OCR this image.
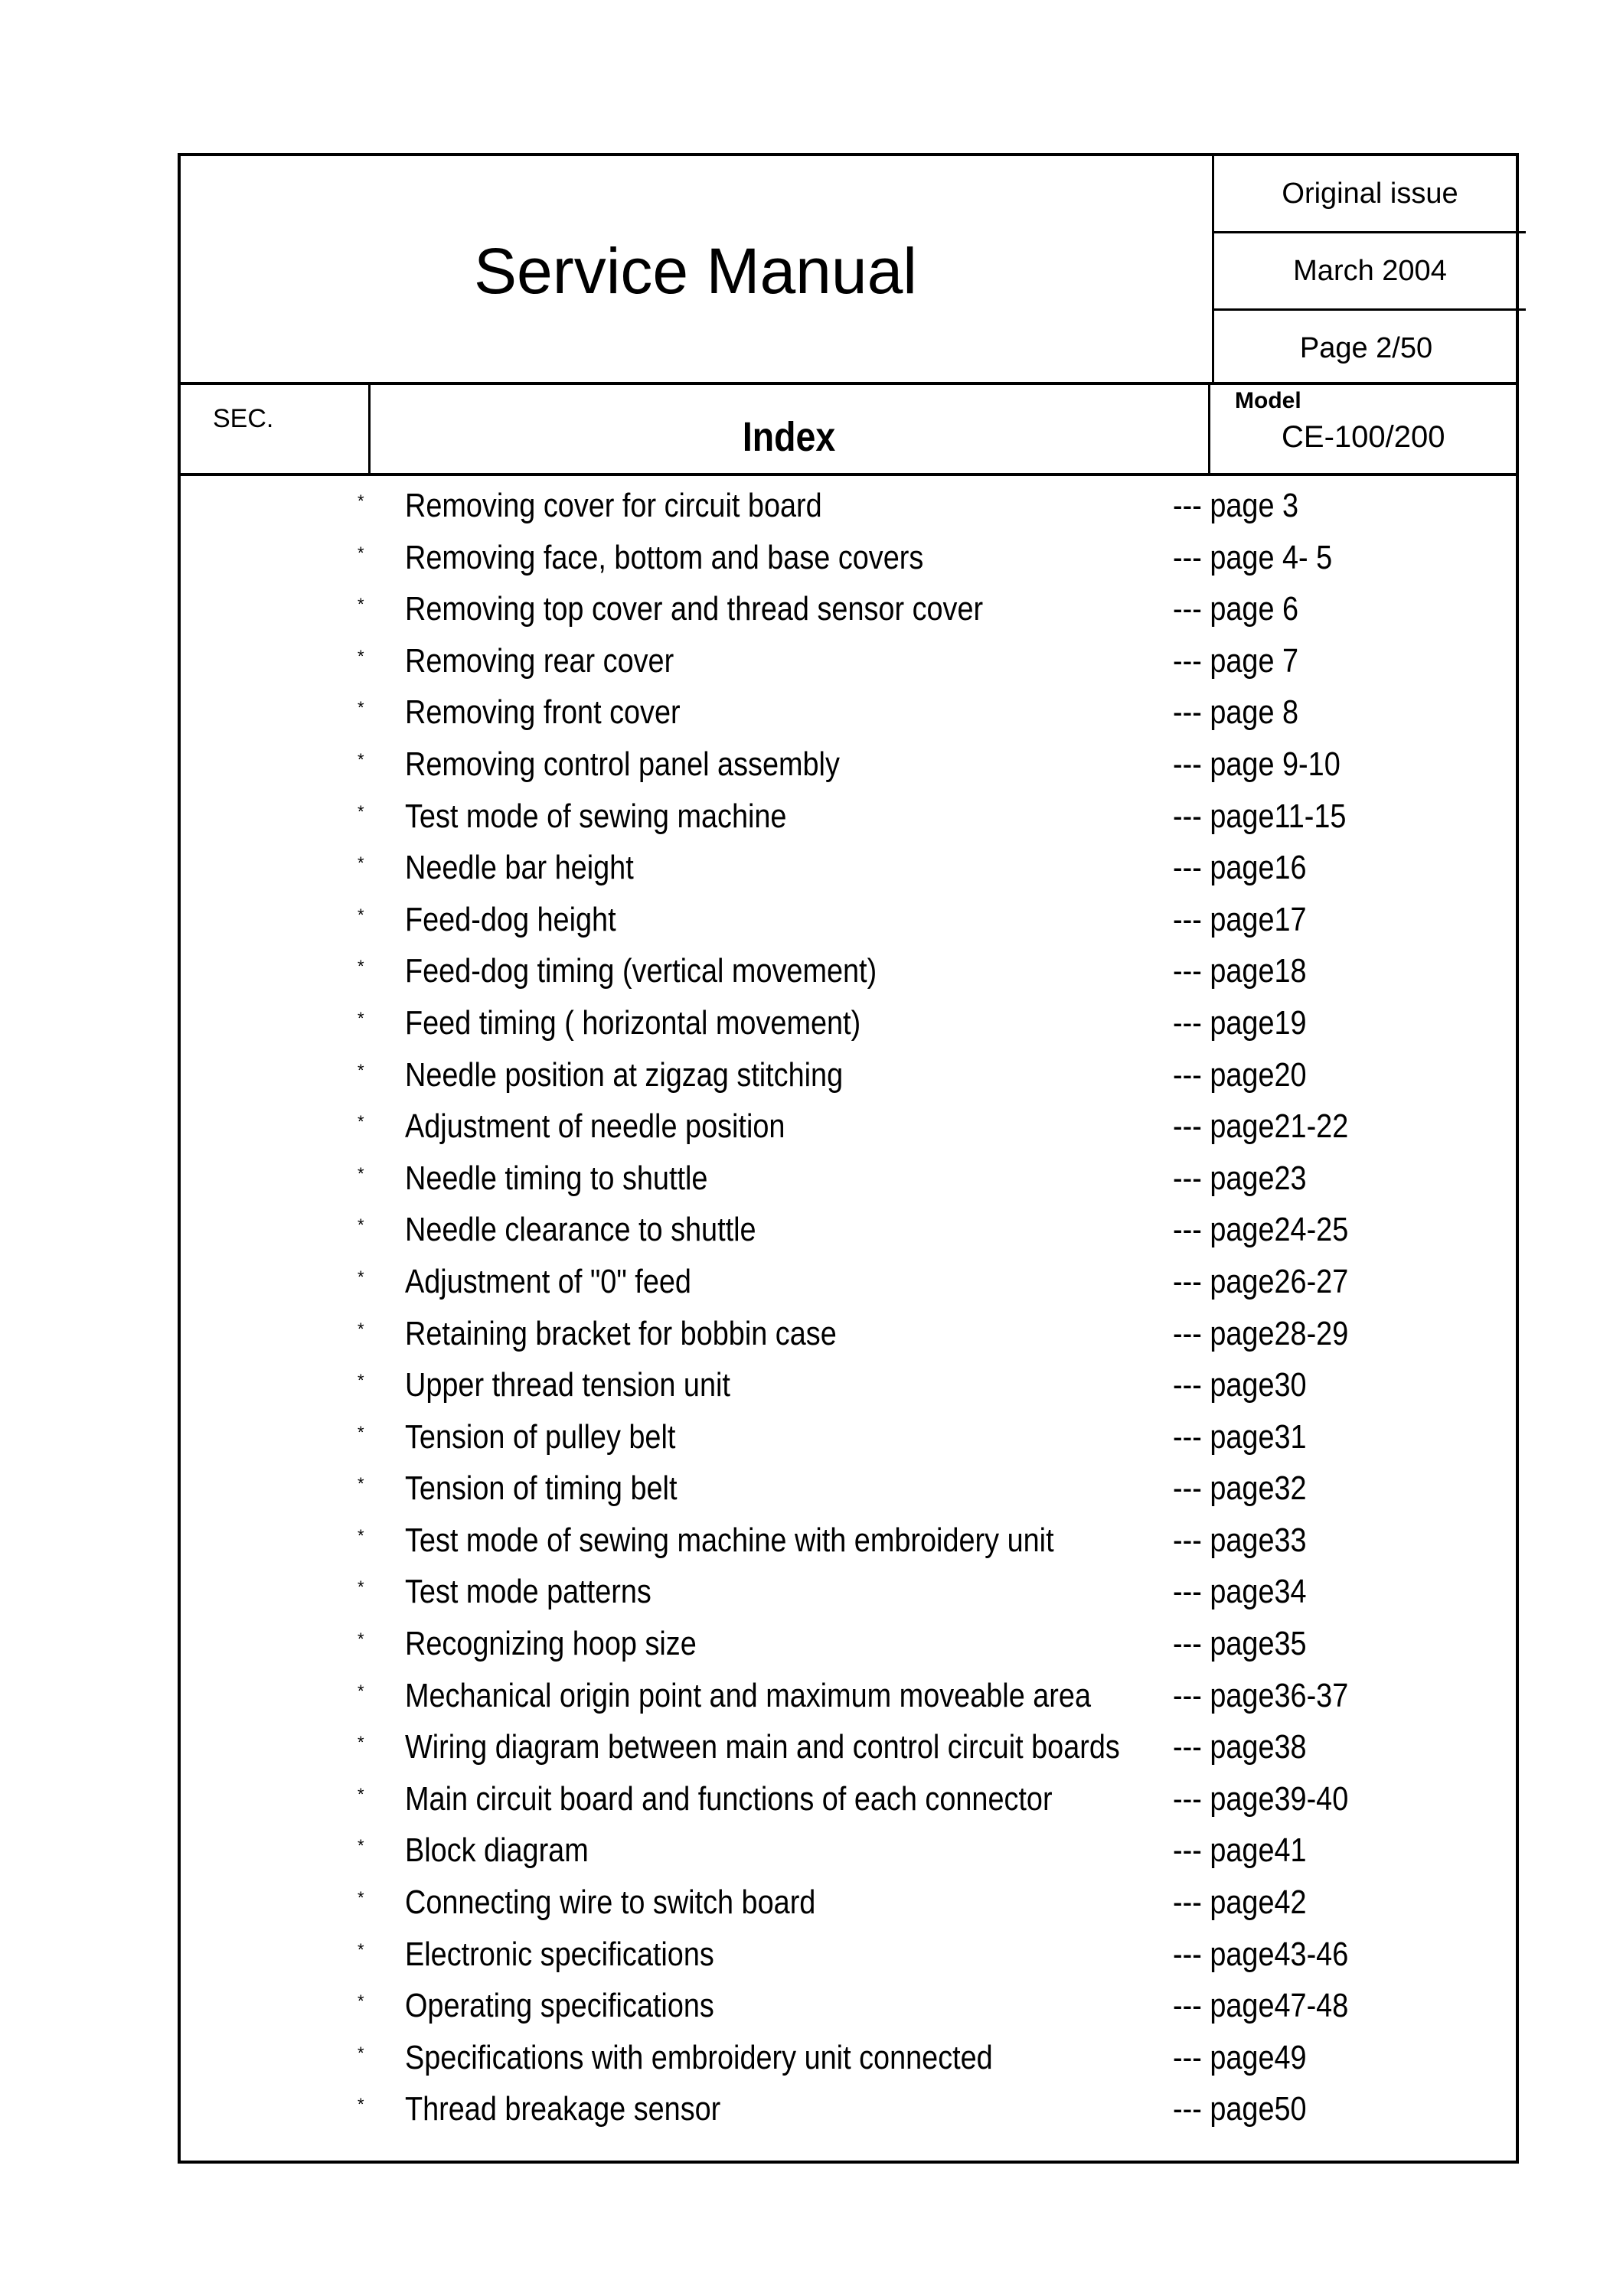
Service Manual
Original issue
March 2004
Page 2/50
SEC.	Index
Model
CE-100/200
* Removing cover for circuit board	--- page 3
* Removing face, bottom and base covers	--- page 4- 5
* Removing top cover and thread sensor cover	--- page 6
* Removing rear cover	--- page 7
* Removing front cover	--- page 8
* Removing control panel assembly	--- page 9-10
* Test mode of sewing machine	--- page11-15
* Needle bar height	--- page16
* Feed-dog height	--- page17
* Feed-dog timing (vertical movement)	--- page18
* Feed timing ( horizontal movement)	--- page19
* Needle position at zigzag stitching	--- page20
* Adjustment of needle position	--- page21-22
* Needle timing to shuttle	--- page23
* Needle clearance to shuttle	--- page24-25
* Adjustment of "0" feed	--- page26-27
* Retaining bracket for bobbin case	--- page28-29
* Upper thread tension unit	--- page30
* Tension of pulley belt	--- page31
* Tension of timing belt	--- page32
* Test mode of sewing machine with embroidery unit	--- page33
* Test mode patterns	--- page34
* Recognizing hoop size	--- page35
* Mechanical origin point and maximum moveable area --- page36-37
* Wiring diagram between main and control circuit boards --- page38
* Main circuit board and functions of each connector	--- page39-40
* Block diagram	--- page41
* Connecting wire to switch board	--- page42
* Electronic specifications	--- page43-46
* Operating specifications	--- page47-48
* Specifications with embroidery unit connected	--- page49
* Thread breakage sensor	--- page50
